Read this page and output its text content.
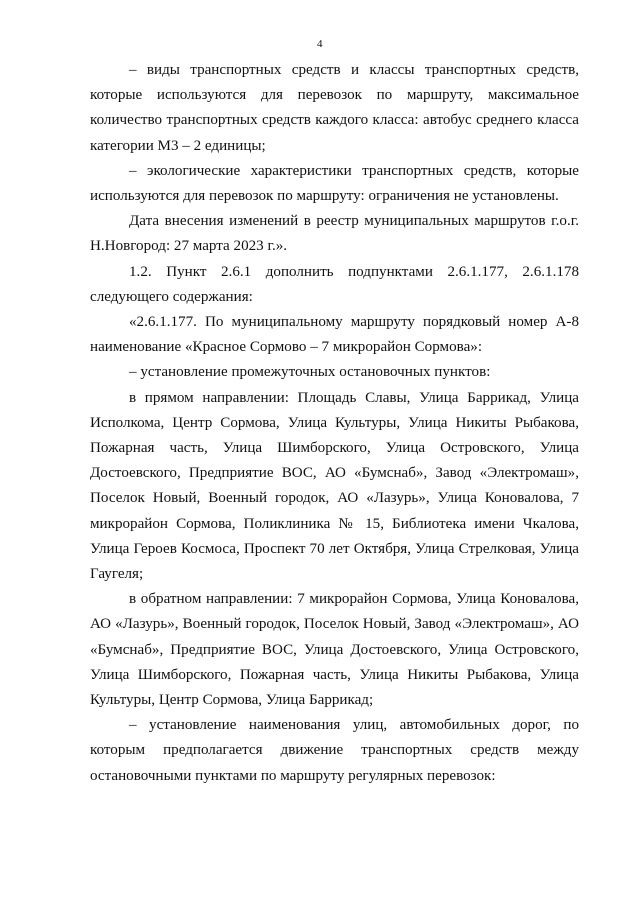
4

– виды транспортных средств и классы транспортных средств, которые используются для перевозок по маршруту, максимальное количество транспортных средств каждого класса: автобус среднего класса категории М3 – 2 единицы;

– экологические характеристики транспортных средств, которые используются для перевозок по маршруту: ограничения не установлены.

Дата внесения изменений в реестр муниципальных маршрутов г.о.г. Н.Новгород: 27 марта 2023 г.».

1.2. Пункт 2.6.1 дополнить подпунктами 2.6.1.177, 2.6.1.178 следующего содержания:

«2.6.1.177. По муниципальному маршруту порядковый номер А-8 наименование «Красное Сормово – 7 микрорайон Сормова»:

– установление промежуточных остановочных пунктов:

в прямом направлении: Площадь Славы, Улица Баррикад, Улица Исполкома, Центр Сормова, Улица Культуры, Улица Никиты Рыбакова, Пожарная часть, Улица Шимборского, Улица Островского, Улица Достоевского, Предприятие ВОС, АО «Бумснаб», Завод «Электромаш», Поселок Новый, Военный городок, АО «Лазурь», Улица Коновалова, 7 микрорайон Сормова, Поликлиника № 15, Библиотека имени Чкалова, Улица Героев Космоса, Проспект 70 лет Октября, Улица Стрелковая, Улица Гаугеля;

в обратном направлении: 7 микрорайон Сормова, Улица Коновалова, АО «Лазурь», Военный городок, Поселок Новый, Завод «Электромаш», АО «Бумснаб», Предприятие ВОС, Улица Достоевского, Улица Островского, Улица Шимборского, Пожарная часть, Улица Никиты Рыбакова, Улица Культуры, Центр Сормова, Улица Баррикад;

– установление наименования улиц, автомобильных дорог, по которым предполагается движение транспортных средств между остановочными пунктами по маршруту регулярных перевозок:
